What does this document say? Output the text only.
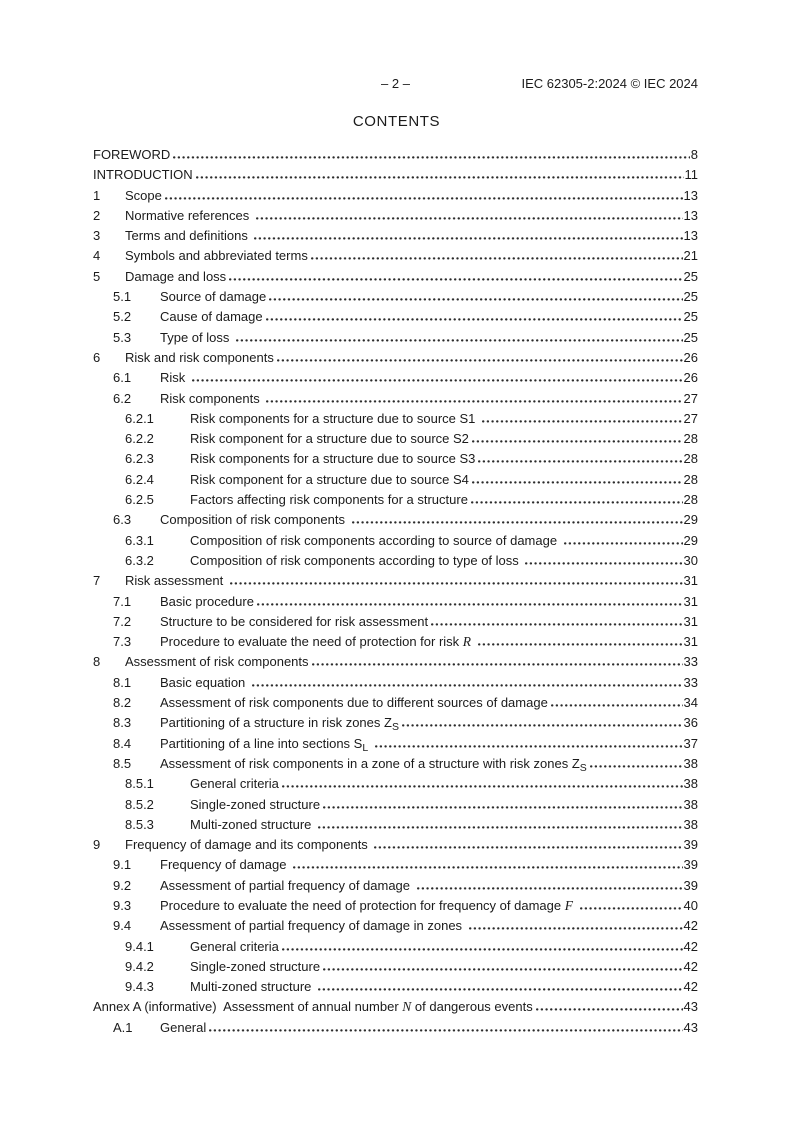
– 2 –	IEC 62305-2:2024 © IEC 2024
CONTENTS
FOREWORD	8
INTRODUCTION	11
1	Scope	13
2	Normative references	13
3	Terms and definitions	13
4	Symbols and abbreviated terms	21
5	Damage and loss	25
5.1	Source of damage	25
5.2	Cause of damage	25
5.3	Type of loss	25
6	Risk and risk components	26
6.1	Risk	26
6.2	Risk components	27
6.2.1	Risk components for a structure due to source S1	27
6.2.2	Risk component for a structure due to source S2	28
6.2.3	Risk components for a structure due to source S3	28
6.2.4	Risk component for a structure due to source S4	28
6.2.5	Factors affecting risk components for a structure	28
6.3	Composition of risk components	29
6.3.1	Composition of risk components according to source of damage	29
6.3.2	Composition of risk components according to type of loss	30
7	Risk assessment	31
7.1	Basic procedure	31
7.2	Structure to be considered for risk assessment	31
7.3	Procedure to evaluate the need of protection for risk R	31
8	Assessment of risk components	33
8.1	Basic equation	33
8.2	Assessment of risk components due to different sources of damage	34
8.3	Partitioning of a structure in risk zones $Z_S$	36
8.4	Partitioning of a line into sections $S_L$	37
8.5	Assessment of risk components in a zone of a structure with risk zones $Z_S$	38
8.5.1	General criteria	38
8.5.2	Single-zoned structure	38
8.5.3	Multi-zoned structure	38
9	Frequency of damage and its components	39
9.1	Frequency of damage	39
9.2	Assessment of partial frequency of damage	39
9.3	Procedure to evaluate the need of protection for frequency of damage F	40
9.4	Assessment of partial frequency of damage in zones	42
9.4.1	General criteria	42
9.4.2	Single-zoned structure	42
9.4.3	Multi-zoned structure	42
Annex A (informative)  Assessment of annual number N of dangerous events	43
A.1	General	43
